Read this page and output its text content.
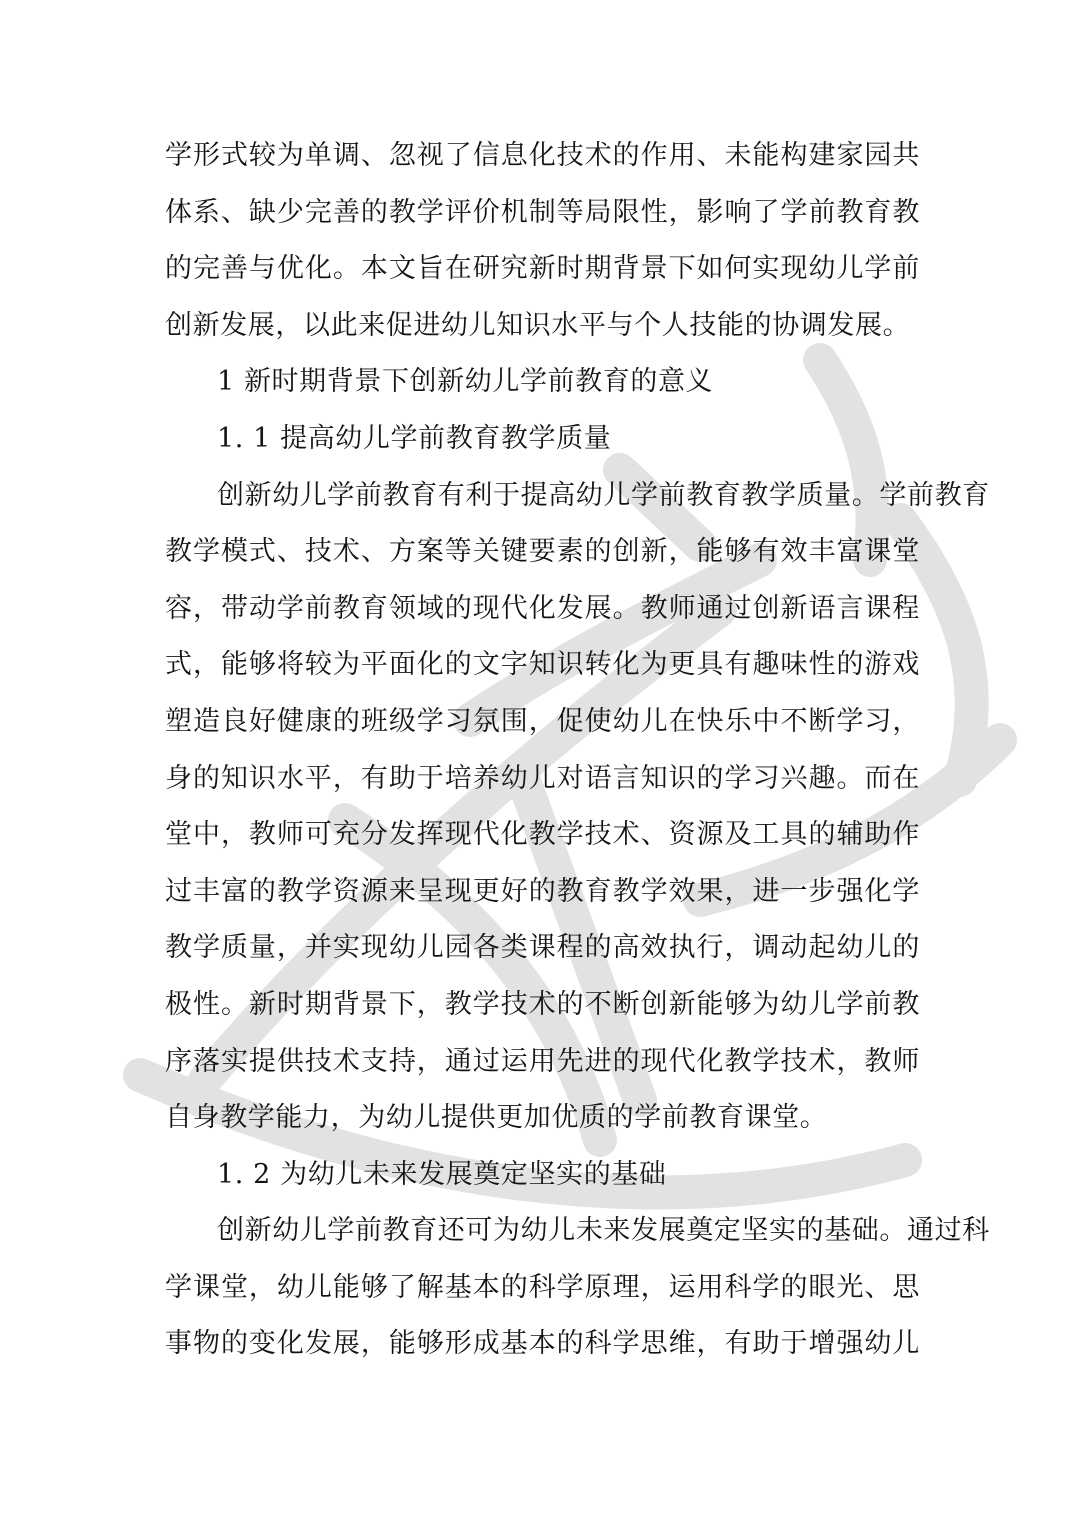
学形式较为单调、忽视了信息化技术的作用、未能构建家园共
体系、缺少完善的教学评价机制等局限性，影响了学前教育教
的完善与优化。本文旨在研究新时期背景下如何实现幼儿学前
创新发展，以此来促进幼儿知识水平与个人技能的协调发展。
1 新时期背景下创新幼儿学前教育的意义
1. 1 提高幼儿学前教育教学质量
创新幼儿学前教育有利于提高幼儿学前教育教学质量。学前教育
教学模式、技术、方案等关键要素的创新，能够有效丰富课堂
容，带动学前教育领域的现代化发展。教师通过创新语言课程
式，能够将较为平面化的文字知识转化为更具有趣味性的游戏
塑造良好健康的班级学习氛围，促使幼儿在快乐中不断学习，
身的知识水平，有助于培养幼儿对语言知识的学习兴趣。而在
堂中，教师可充分发挥现代化教学技术、资源及工具的辅助作
过丰富的教学资源来呈现更好的教育教学效果，进一步强化学
教学质量，并实现幼儿园各类课程的高效执行，调动起幼儿的
极性。新时期背景下，教学技术的不断创新能够为幼儿学前教
序落实提供技术支持，通过运用先进的现代化教学技术，教师
自身教学能力，为幼儿提供更加优质的学前教育课堂。
1. 2 为幼儿未来发展奠定坚实的基础
创新幼儿学前教育还可为幼儿未来发展奠定坚实的基础。通过科
学课堂，幼儿能够了解基本的科学原理，运用科学的眼光、思
事物的变化发展，能够形成基本的科学思维，有助于增强幼儿
